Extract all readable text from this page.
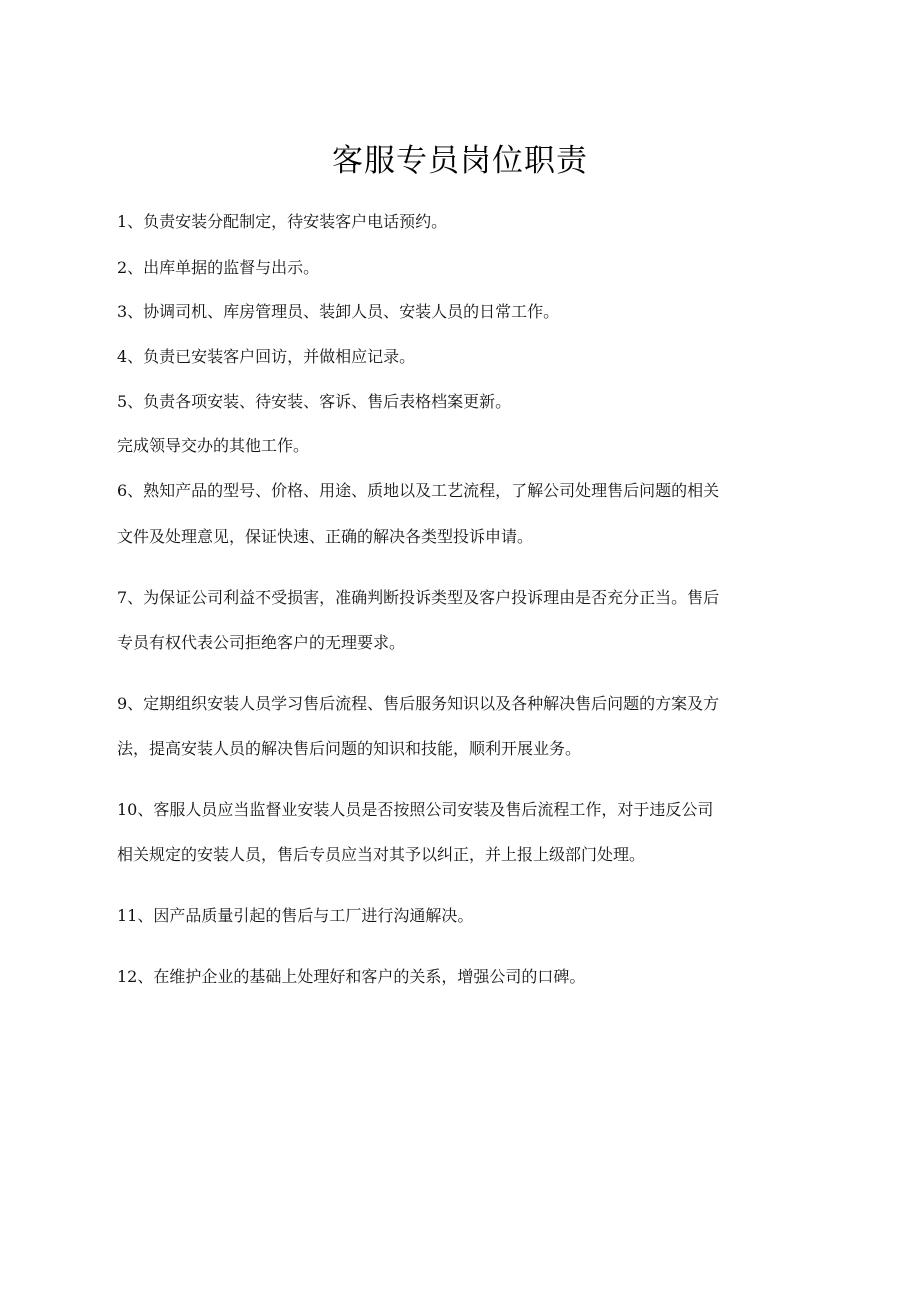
客服专员岗位职责
1、负责安装分配制定，待安装客户电话预约。
2、出库单据的监督与出示。
3、协调司机、库房管理员、装卸人员、安装人员的日常工作。
4、负责已安装客户回访，并做相应记录。
5、负责各项安装、待安装、客诉、售后表格档案更新。
完成领导交办的其他工作。
6、熟知产品的型号、价格、用途、质地以及工艺流程，了解公司处理售后问题的相关
文件及处理意见，保证快速、正确的解决各类型投诉申请。
7、为保证公司利益不受损害，准确判断投诉类型及客户投诉理由是否充分正当。售后
专员有权代表公司拒绝客户的无理要求。
9、定期组织安装人员学习售后流程、售后服务知识以及各种解决售后问题的方案及方
法，提高安装人员的解决售后问题的知识和技能，顺利开展业务。
10、客服人员应当监督业安装人员是否按照公司安装及售后流程工作，对于违反公司
相关规定的安装人员，售后专员应当对其予以纠正，并上报上级部门处理。
11、因产品质量引起的售后与工厂进行沟通解决。
12、在维护企业的基础上处理好和客户的关系，增强公司的口碑。
